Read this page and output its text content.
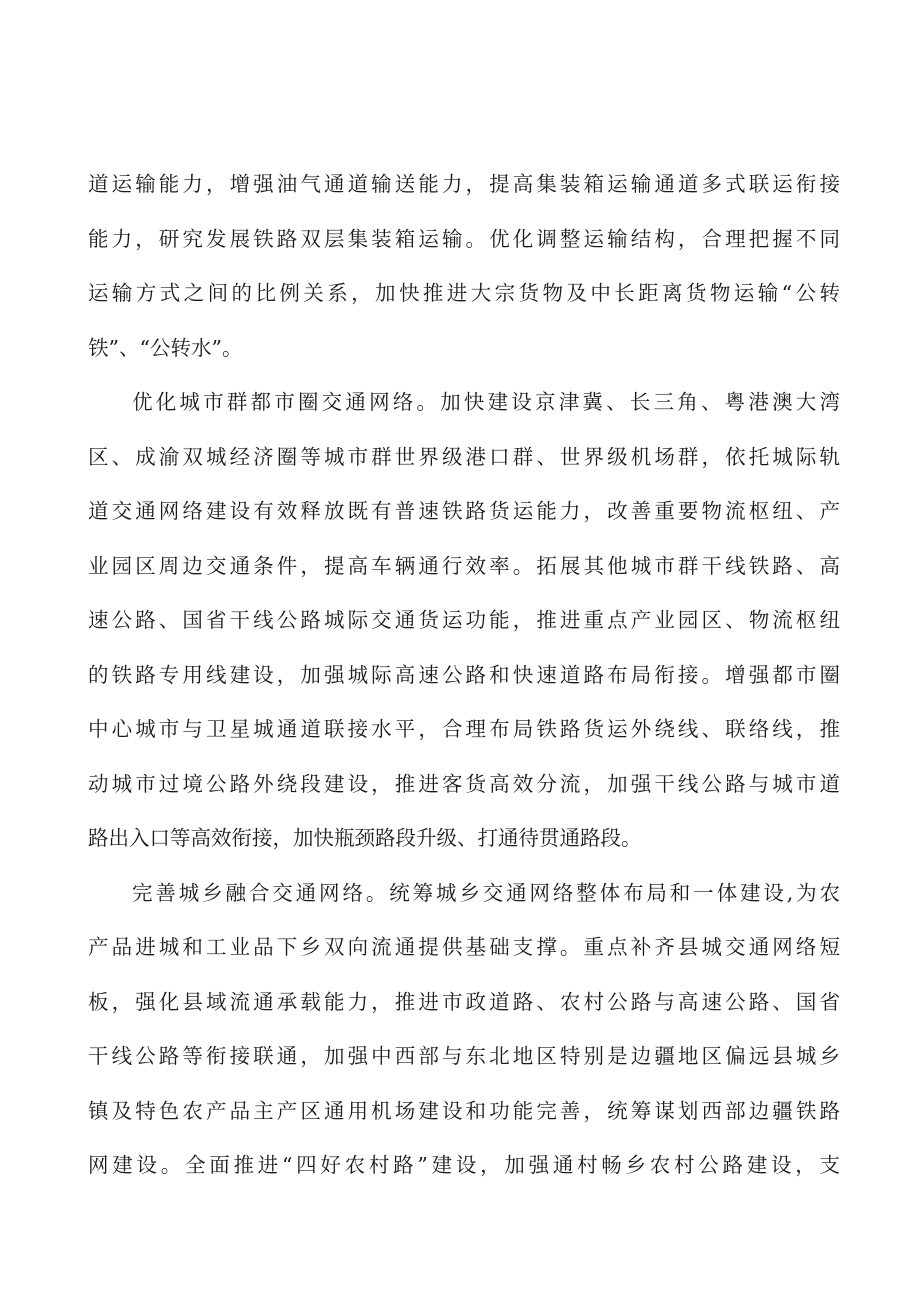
道运输能力，增强油气通道输送能力，提高集装箱运输通道多式联运衔接
能力，研究发展铁路双层集装箱运输。优化调整运输结构，合理把握不同
运输方式之间的比例关系，加快推进大宗货物及中长距离货物运输“公转
铁”、“公转水”。
优化城市群都市圈交通网络。加快建设京津冀、长三角、粤港澳大湾
区、成渝双城经济圈等城市群世界级港口群、世界级机场群，依托城际轨
道交通网络建设有效释放既有普速铁路货运能力，改善重要物流枢纽、产
业园区周边交通条件，提高车辆通行效率。拓展其他城市群干线铁路、高
速公路、国省干线公路城际交通货运功能，推进重点产业园区、物流枢纽
的铁路专用线建设，加强城际高速公路和快速道路布局衔接。增强都市圈
中心城市与卫星城通道联接水平，合理布局铁路货运外绕线、联络线，推
动城市过境公路外绕段建设，推进客货高效分流，加强干线公路与城市道
路出入口等高效衔接，加快瓶颈路段升级、打通待贯通路段。
完善城乡融合交通网络。统筹城乡交通网络整体布局和一体建设,为农
产品进城和工业品下乡双向流通提供基础支撑。重点补齐县城交通网络短
板，强化县域流通承载能力，推进市政道路、农村公路与高速公路、国省
干线公路等衔接联通，加强中西部与东北地区特别是边疆地区偏远县城乡
镇及特色农产品主产区通用机场建设和功能完善，统筹谋划西部边疆铁路
网建设。全面推进“四好农村路”建设，加强通村畅乡农村公路建设，支
